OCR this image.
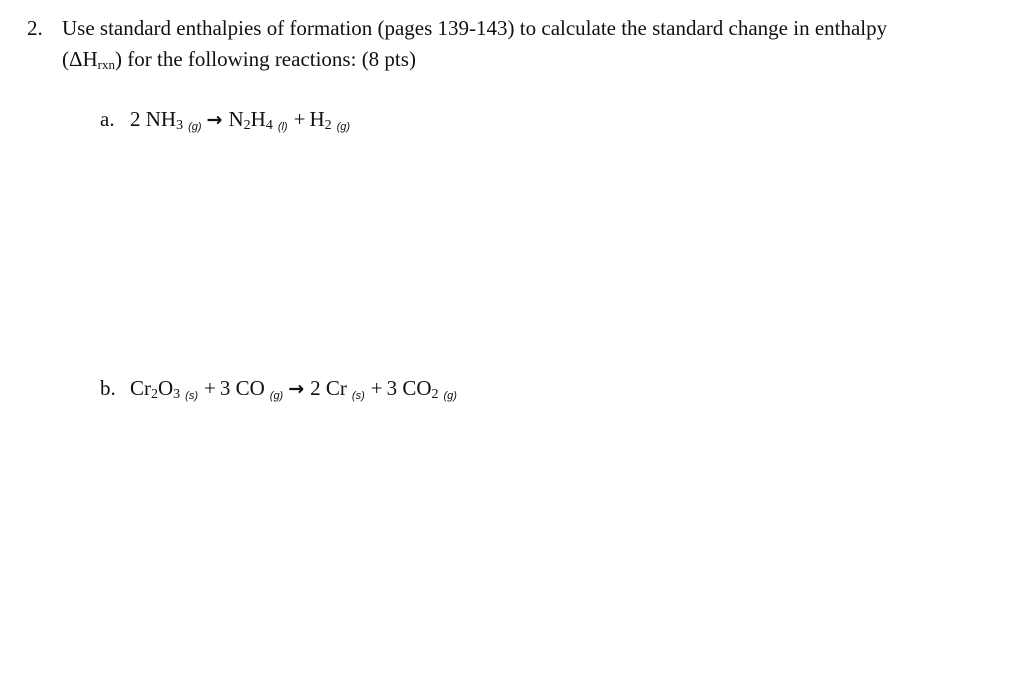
2. Use standard enthalpies of formation (pages 139-143) to calculate the standard change in enthalpy
$(\Delta H_{rxn})$ for the following reactions: (8 pts)
a. 2 NH3 (g) → N2H4 (l) + H2 (g)
b. Cr2O3 (s) + 3 CO (g) → 2 Cr (s) + 3 CO2 (g)
